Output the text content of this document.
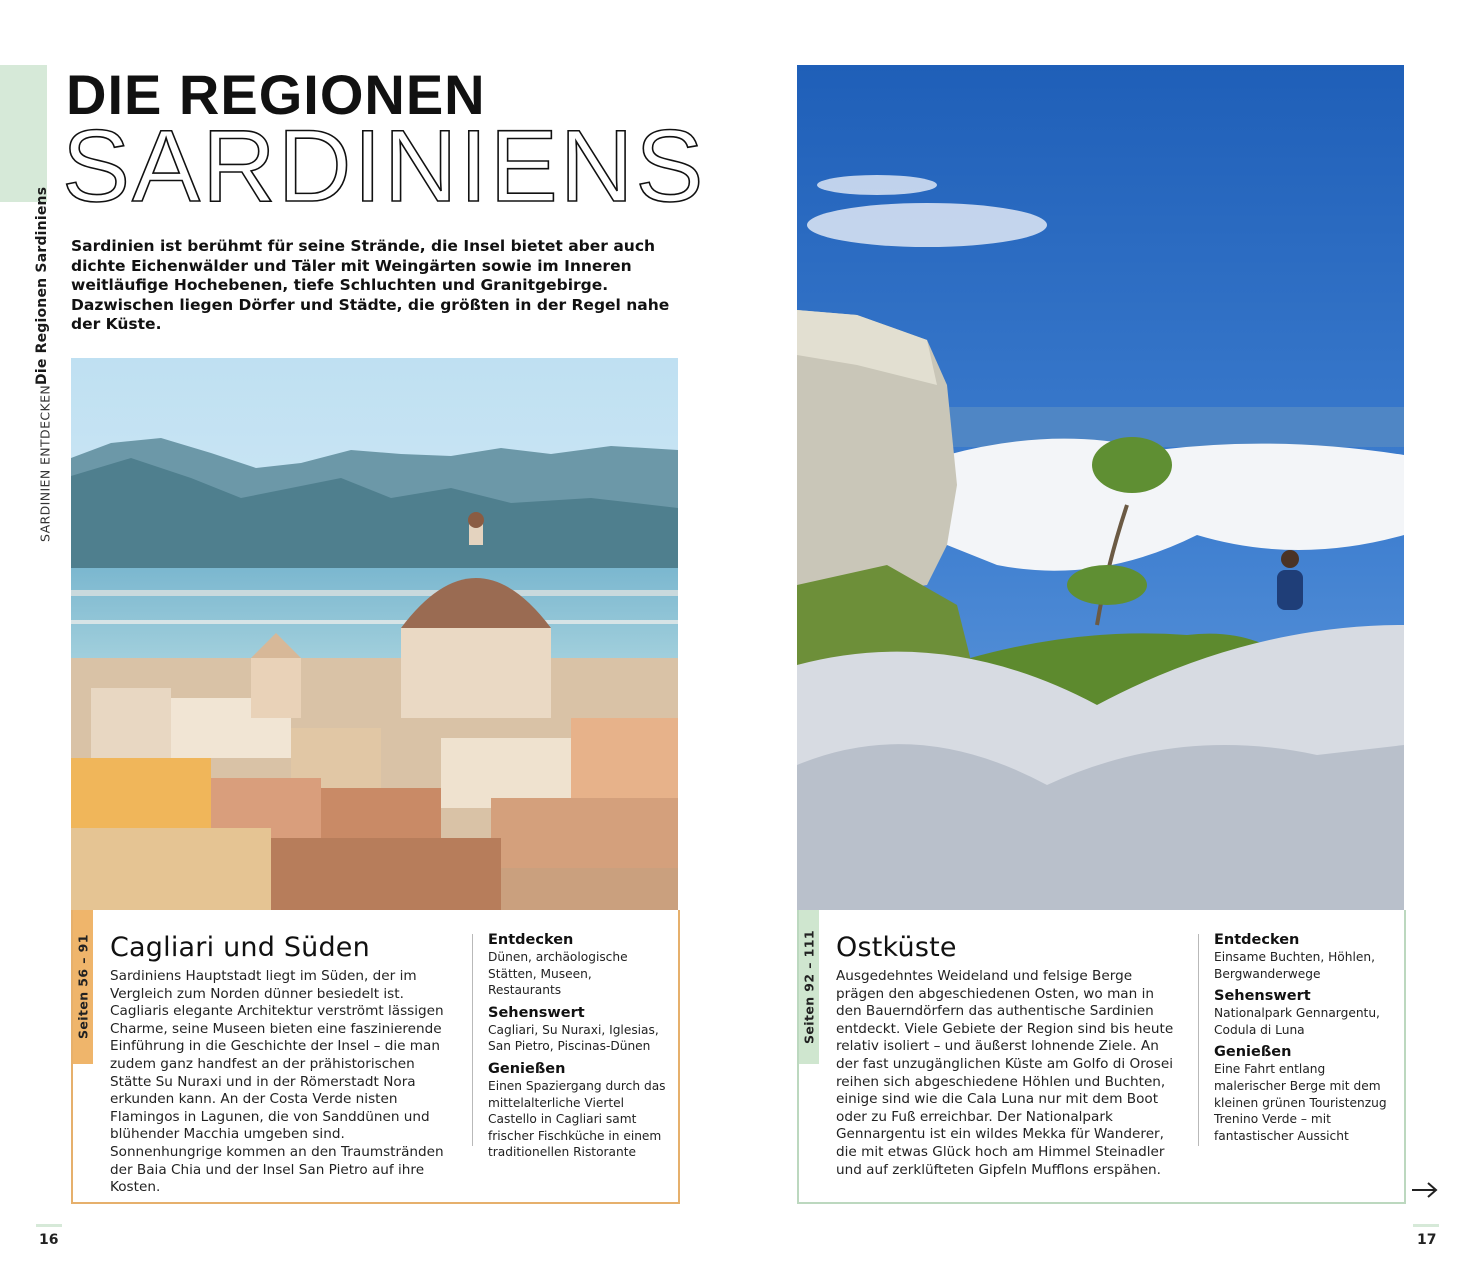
SARDINIEN ENTDECKEN
Die Regionen Sardiniens
DIE REGIONEN
SARDINIENS
Sardinien ist berühmt für seine Strände, die Insel bietet aber auch dichte Eichenwälder und Täler mit Weingärten sowie im Inneren weitläufige Hochebenen, tiefe Schluchten und Granitgebirge. Dazwischen liegen Dörfer und Städte, die größten in der Regel nahe der Küste.
Seiten 56 – 91 Cagliari und Süden
Sardiniens Hauptstadt liegt im Süden, der im Vergleich zum Norden dünner besiedelt ist. Cagliaris elegante Architektur verströmt lässigen Charme, seine Museen bieten eine faszinierende Einführung in die Geschichte der Insel – die man zudem ganz handfest an der prähistorischen Stätte Su Nuraxi und in der Römerstadt Nora erkunden kann. An der Costa Verde nisten Flamingos in Lagunen, die von Sanddünen und blühender Macchia umgeben sind. Sonnenhungrige kommen an den Traumstränden der Baia Chia und der Insel San Pietro auf ihre Kosten.
Entdecken
Dünen, archäologische Stätten, Museen, Restaurants
Sehenswert
Cagliari, Su Nuraxi, Iglesias, San Pietro, Piscinas-Dünen
Genießen
Einen Spaziergang durch das mittelalterliche Viertel Castello in Cagliari samt frischer Fischküche in einem traditionellen Ristorante
Seiten 92 – 111 Ostküste
Ausgedehntes Weideland und felsige Berge prägen den abgeschiedenen Osten, wo man in den Bauerndörfern das authentische Sardinien entdeckt. Viele Gebiete der Region sind bis heute relativ isoliert – und äußerst lohnende Ziele. An der fast unzugänglichen Küste am Golfo di Orosei reihen sich abgeschiedene Höhlen und Buchten, einige sind wie die Cala Luna nur mit dem Boot oder zu Fuß erreichbar. Der Nationalpark Gennargentu ist ein wildes Mekka für Wanderer, die mit etwas Glück hoch am Himmel Steinadler und auf zerklüfteten Gipfeln Mufflons erspähen.
Entdecken
Einsame Buchten, Höhlen, Bergwanderwege
Sehenswert
Nationalpark Gennargentu, Codula di Luna
Genießen
Eine Fahrt entlang malerischer Berge mit dem kleinen grünen Touristenzug Trenino Verde – mit fantastischer Aussicht
16	17
